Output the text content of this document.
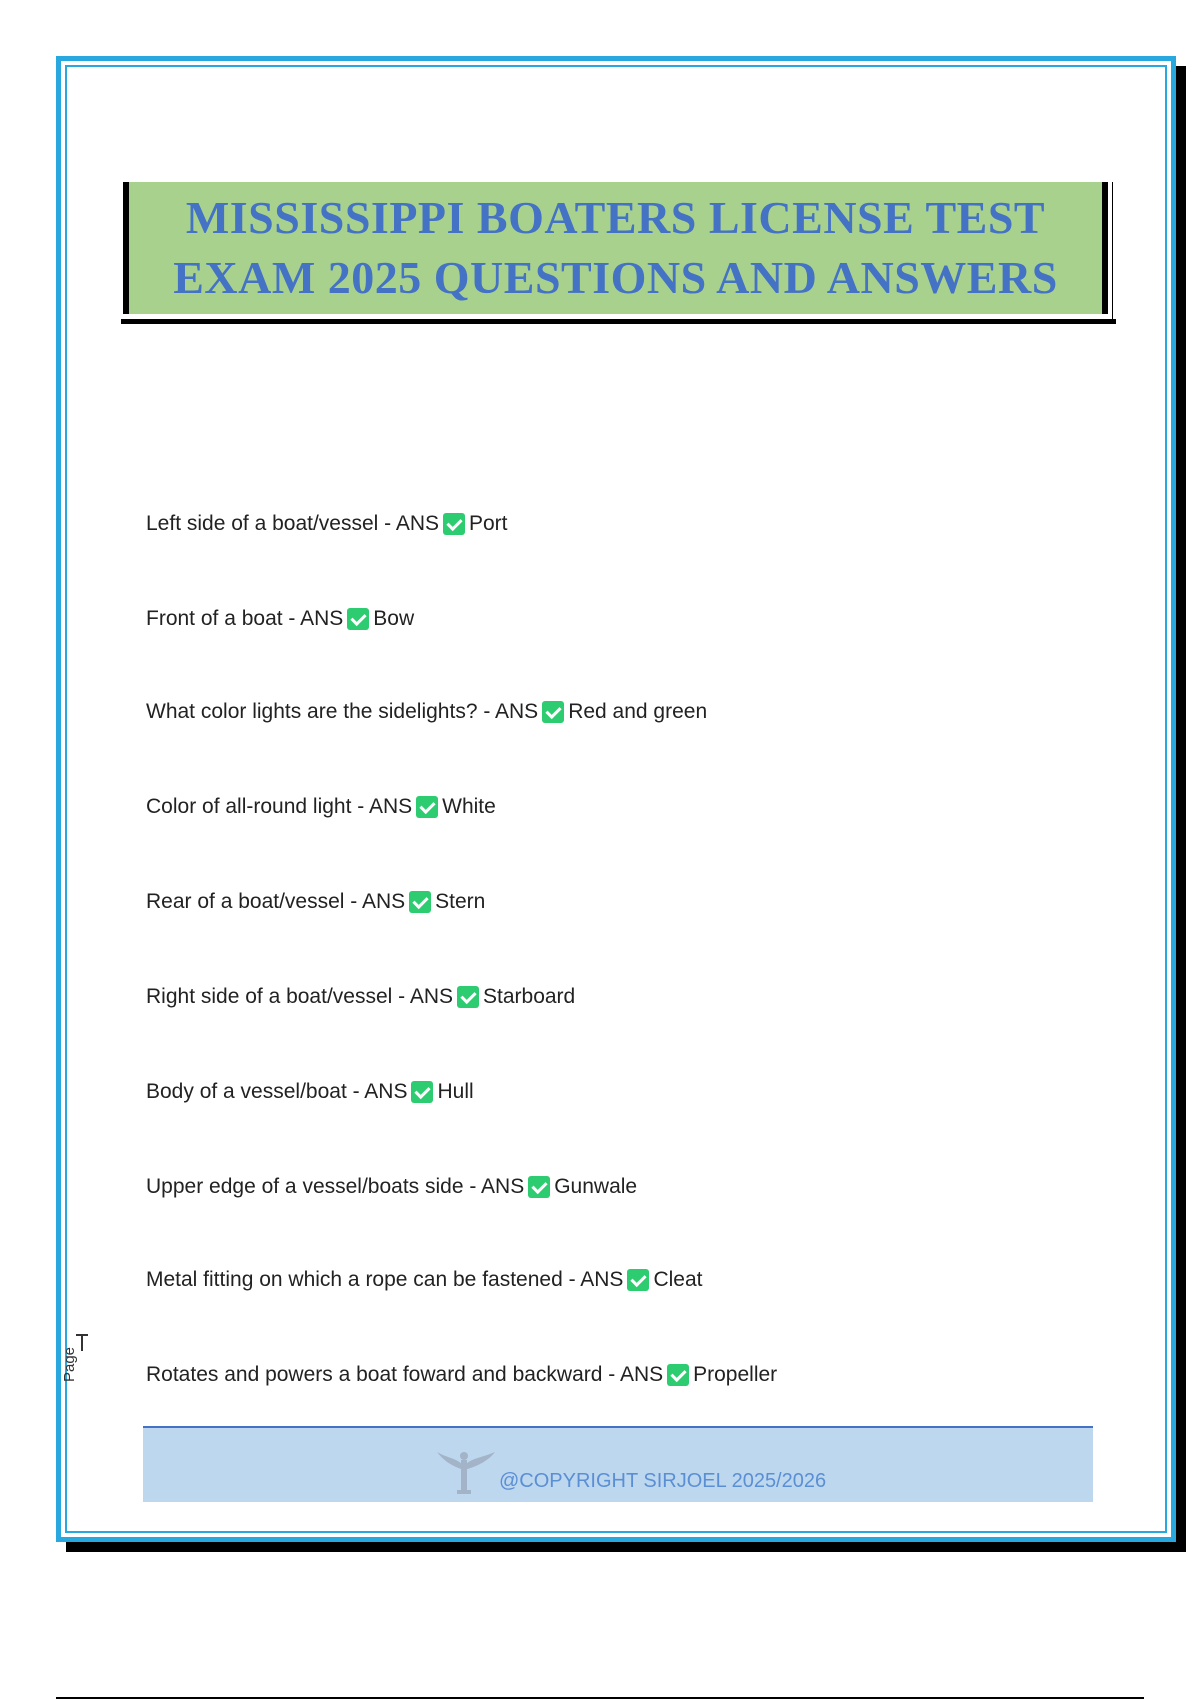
MISSISSIPPI BOATERS LICENSE TEST
EXAM 2025 QUESTIONS AND ANSWERS
Left side of a boat/vessel - ANS Port
Front of a boat - ANS Bow
What color lights are the sidelights? - ANS Red and green
Color of all-round light - ANS White
Rear of a boat/vessel - ANS Stern
Right side of a boat/vessel - ANS Starboard
Body of a vessel/boat - ANS Hull
Upper edge of a vessel/boats side - ANS Gunwale
Metal fitting on which a rope can be fastened - ANS Cleat
Rotates and powers a boat foward and backward - ANS Propeller
@COPYRIGHT SIRJOEL 2025/2026
Page
